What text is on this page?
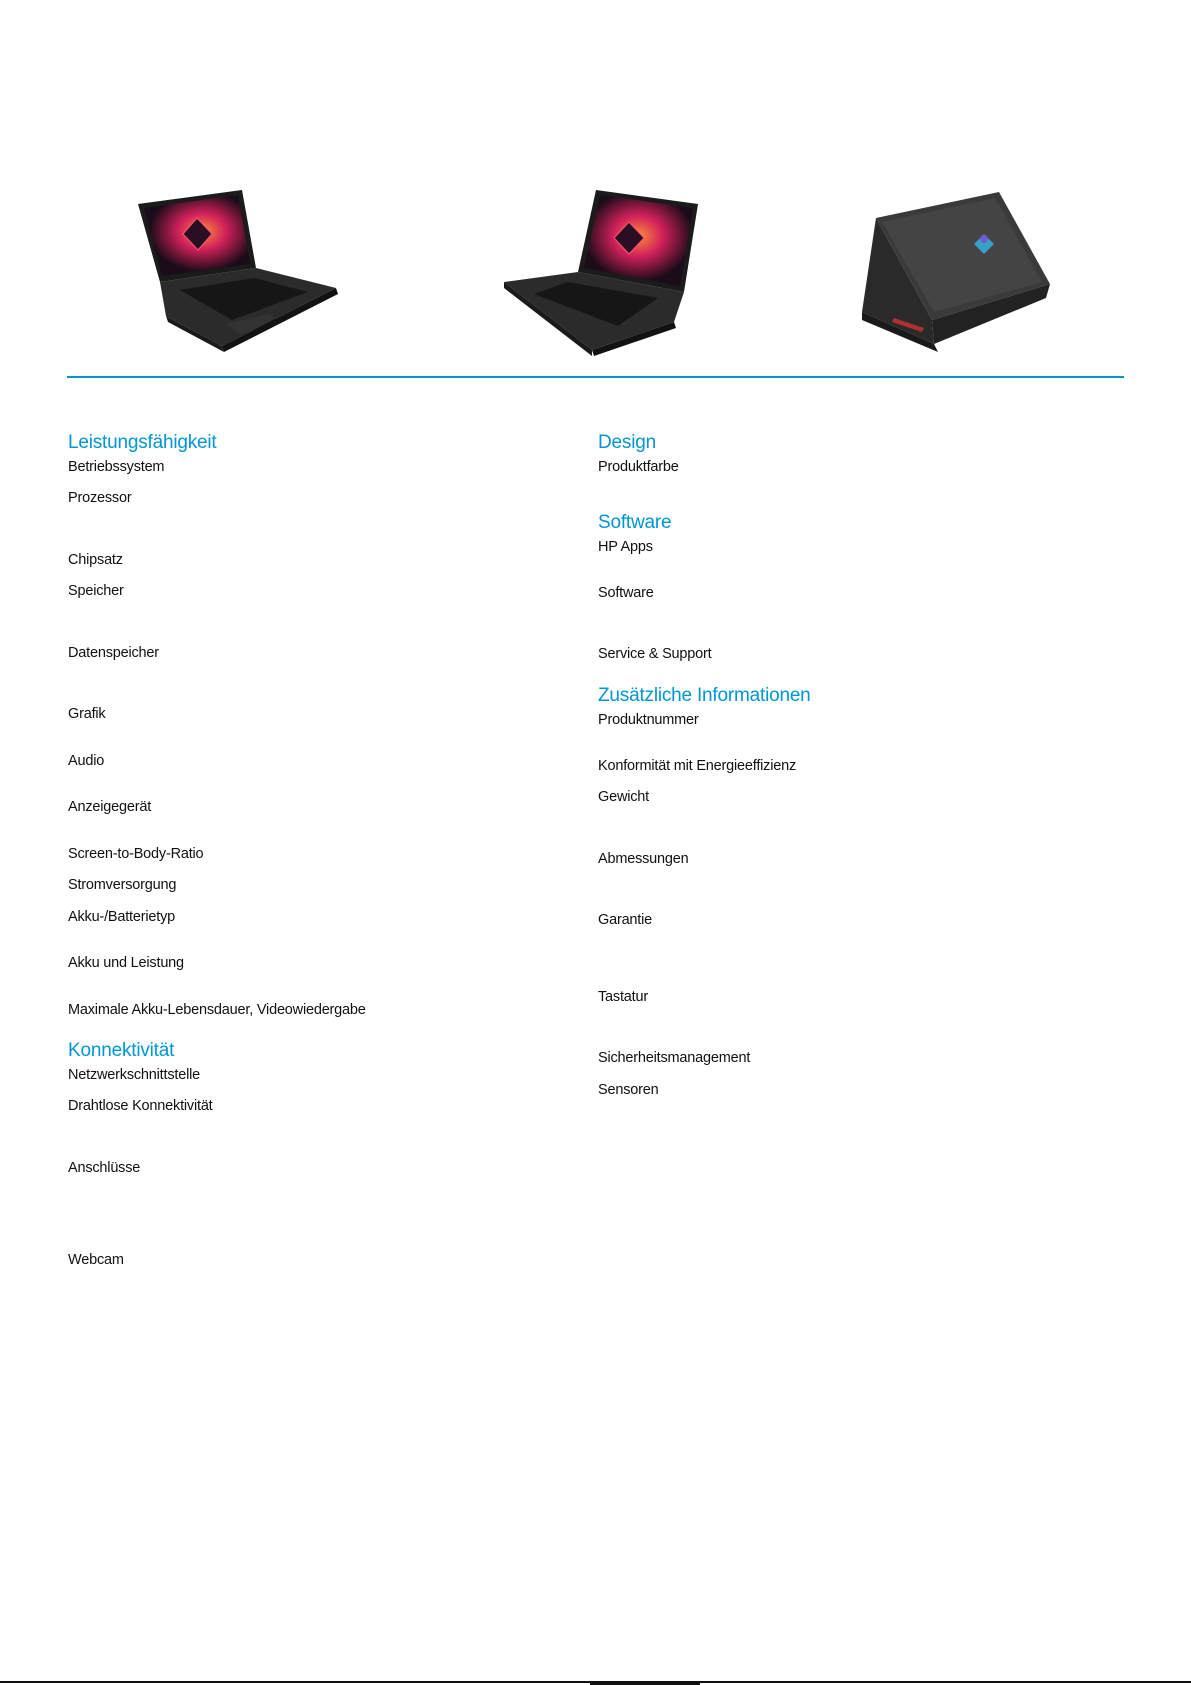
Leistungsfähigkeit
Betriebssystem
Prozessor
Chipsatz
Speicher
Datenspeicher
Grafik
Audio
Anzeigegerät
Screen-to-Body-Ratio
Stromversorgung
Akku-/Batterietyp
Akku und Leistung
Maximale Akku-Lebensdauer, Videowiedergabe
Konnektivität
Netzwerkschnittstelle
Drahtlose Konnektivität
Anschlüsse
Webcam
Design
Produktfarbe
Software
HP Apps
Software
Service & Support
Zusätzliche Informationen
Produktnummer
Konformität mit Energieeffizienz
Gewicht
Abmessungen
Garantie
Tastatur
Sicherheitsmanagement
Sensoren
